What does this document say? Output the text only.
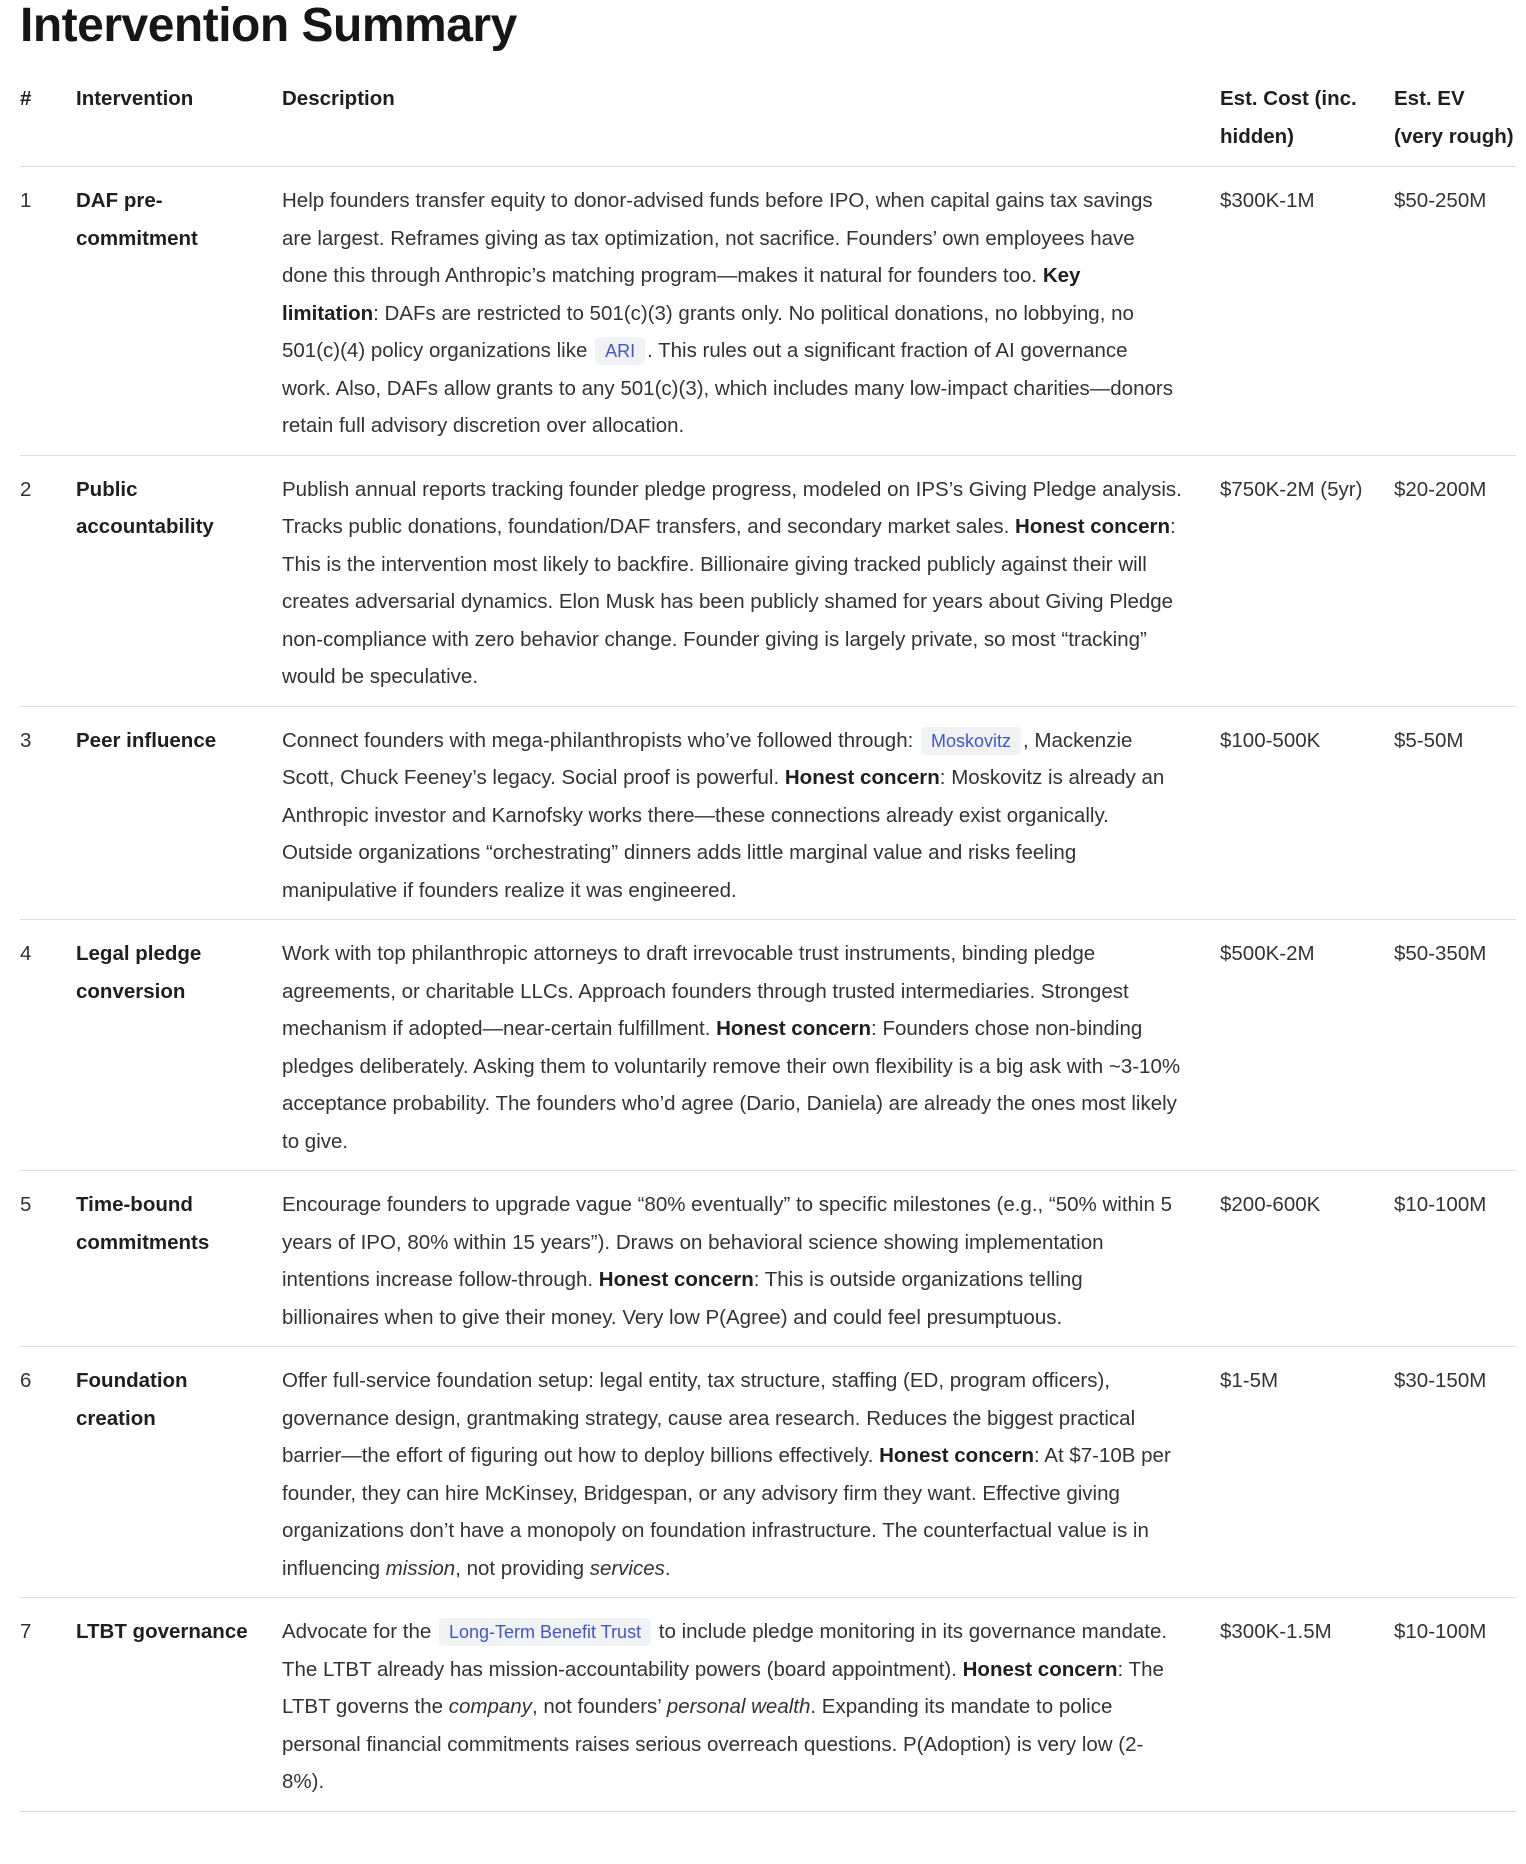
Intervention Summary
#	Intervention	Description	Est. Cost (inc. hidden)	Est. EV (very rough)
1	DAF pre-commitment	Help founders transfer equity to donor-advised funds before IPO, when capital gains tax savings are largest. Reframes giving as tax optimization, not sacrifice. Founders’ own employees have done this through Anthropic’s matching program—makes it natural for founders too. Key limitation: DAFs are restricted to 501(c)(3) grants only. No political donations, no lobbying, no 501(c)(4) policy organizations like ARI . This rules out a significant fraction of AI governance work. Also, DAFs allow grants to any 501(c)(3), which includes many low-impact charities—donors retain full advisory discretion over allocation.	$300K-1M	$50-250M
2	Public accountability	Publish annual reports tracking founder pledge progress, modeled on IPS’s Giving Pledge analysis. Tracks public donations, foundation/DAF transfers, and secondary market sales. Honest concern: This is the intervention most likely to backfire. Billionaire giving tracked publicly against their will creates adversarial dynamics. Elon Musk has been publicly shamed for years about Giving Pledge non-compliance with zero behavior change. Founder giving is largely private, so most “tracking” would be speculative.	$750K-2M (5yr)	$20-200M
3	Peer influence	Connect founders with mega-philanthropists who’ve followed through: Moskovitz , Mackenzie Scott, Chuck Feeney’s legacy. Social proof is powerful. Honest concern: Moskovitz is already an Anthropic investor and Karnofsky works there—these connections already exist organically. Outside organizations “orchestrating” dinners adds little marginal value and risks feeling manipulative if founders realize it was engineered.	$100-500K	$5-50M
4	Legal pledge conversion	Work with top philanthropic attorneys to draft irrevocable trust instruments, binding pledge agreements, or charitable LLCs. Approach founders through trusted intermediaries. Strongest mechanism if adopted—near-certain fulfillment. Honest concern: Founders chose non-binding pledges deliberately. Asking them to voluntarily remove their own flexibility is a big ask with ~3-10% acceptance probability. The founders who’d agree (Dario, Daniela) are already the ones most likely to give.	$500K-2M	$50-350M
5	Time-bound commitments	Encourage founders to upgrade vague “80% eventually” to specific milestones (e.g., “50% within 5 years of IPO, 80% within 15 years”). Draws on behavioral science showing implementation intentions increase follow-through. Honest concern: This is outside organizations telling billionaires when to give their money. Very low P(Agree) and could feel presumptuous.	$200-600K	$10-100M
6	Foundation creation	Offer full-service foundation setup: legal entity, tax structure, staffing (ED, program officers), governance design, grantmaking strategy, cause area research. Reduces the biggest practical barrier—the effort of figuring out how to deploy billions effectively. Honest concern: At $7-10B per founder, they can hire McKinsey, Bridgespan, or any advisory firm they want. Effective giving organizations don’t have a monopoly on foundation infrastructure. The counterfactual value is in influencing mission, not providing services.	$1-5M	$30-150M
7	LTBT governance	Advocate for the Long-Term Benefit Trust to include pledge monitoring in its governance mandate. The LTBT already has mission-accountability powers (board appointment). Honest concern: The LTBT governs the company, not founders’ personal wealth. Expanding its mandate to police personal financial commitments raises serious overreach questions. P(Adoption) is very low (2-8%).	$300K-1.5M	$10-100M
